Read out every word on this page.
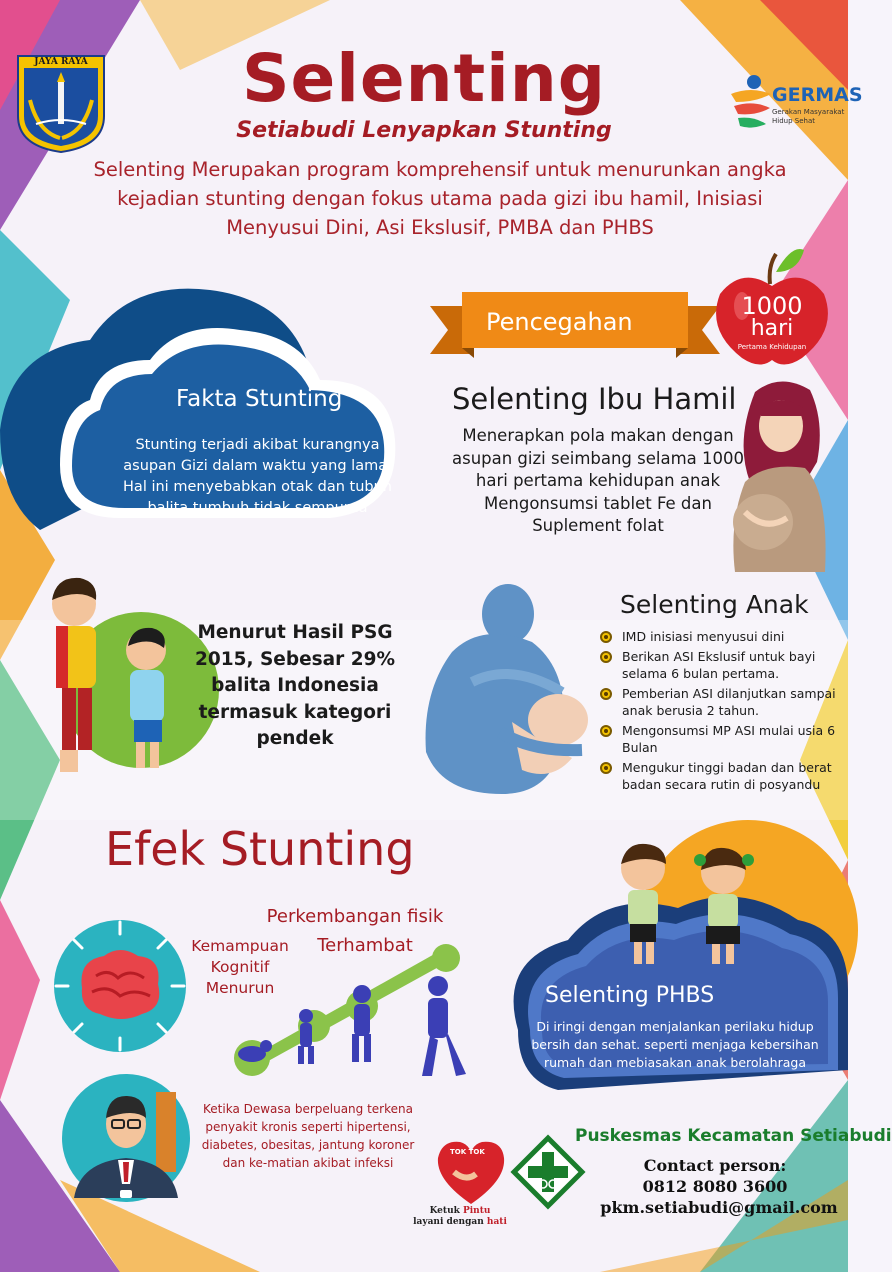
JAYA RAYA
GERMAS
Gerakan Masyarakat
Hidup Sehat
Selenting
Setiabudi Lenyapkan Stunting
Selenting Merupakan program komprehensif untuk menurunkan angka kejadian stunting dengan fokus utama pada gizi ibu hamil, Inisiasi Menyusui Dini, Asi Ekslusif, PMBA dan PHBS
Fakta Stunting
Stunting terjadi akibat kurangnya asupan Gizi dalam waktu yang lama. Hal ini menyebabkan otak dan tubuh balita tumbuh tidak sempurna
Pencegahan
1000
hari
Pertama Kehidupan
Selenting Ibu Hamil
Menerapkan pola makan dengan asupan gizi seimbang selama 1000 hari pertama kehidupan anak Mengonsumsi tablet Fe dan Suplement folat
Menurut Hasil PSG 2015, Sebesar 29% balita Indonesia termasuk kategori pendek
Selenting Anak
IMD inisiasi menyusui dini
Berikan ASI Ekslusif untuk bayi selama 6 bulan pertama.
Pemberian ASI dilanjutkan sampai anak berusia 2 tahun.
Mengonsumsi MP ASI mulai usia 6 Bulan
Mengukur tinggi badan dan berat badan secara rutin di posyandu
Efek Stunting
Kemampuan Kognitif Menurun
Perkembangan fisik
Terhambat
Selenting PHBS
Di iringi dengan menjalankan perilaku hidup bersih dan sehat. seperti menjaga kebersihan rumah dan mebiasakan anak berolahraga
Ketika Dewasa berpeluang terkena penyakit kronis seperti hipertensi, diabetes, obesitas, jantung koroner dan ke-matian akibat infeksi
TOK TOK
Ketuk Pintu
layani dengan hati
Puskesmas Kecamatan Setiabudi
Contact person:
0812 8080 3600
pkm.setiabudi@gmail.com
